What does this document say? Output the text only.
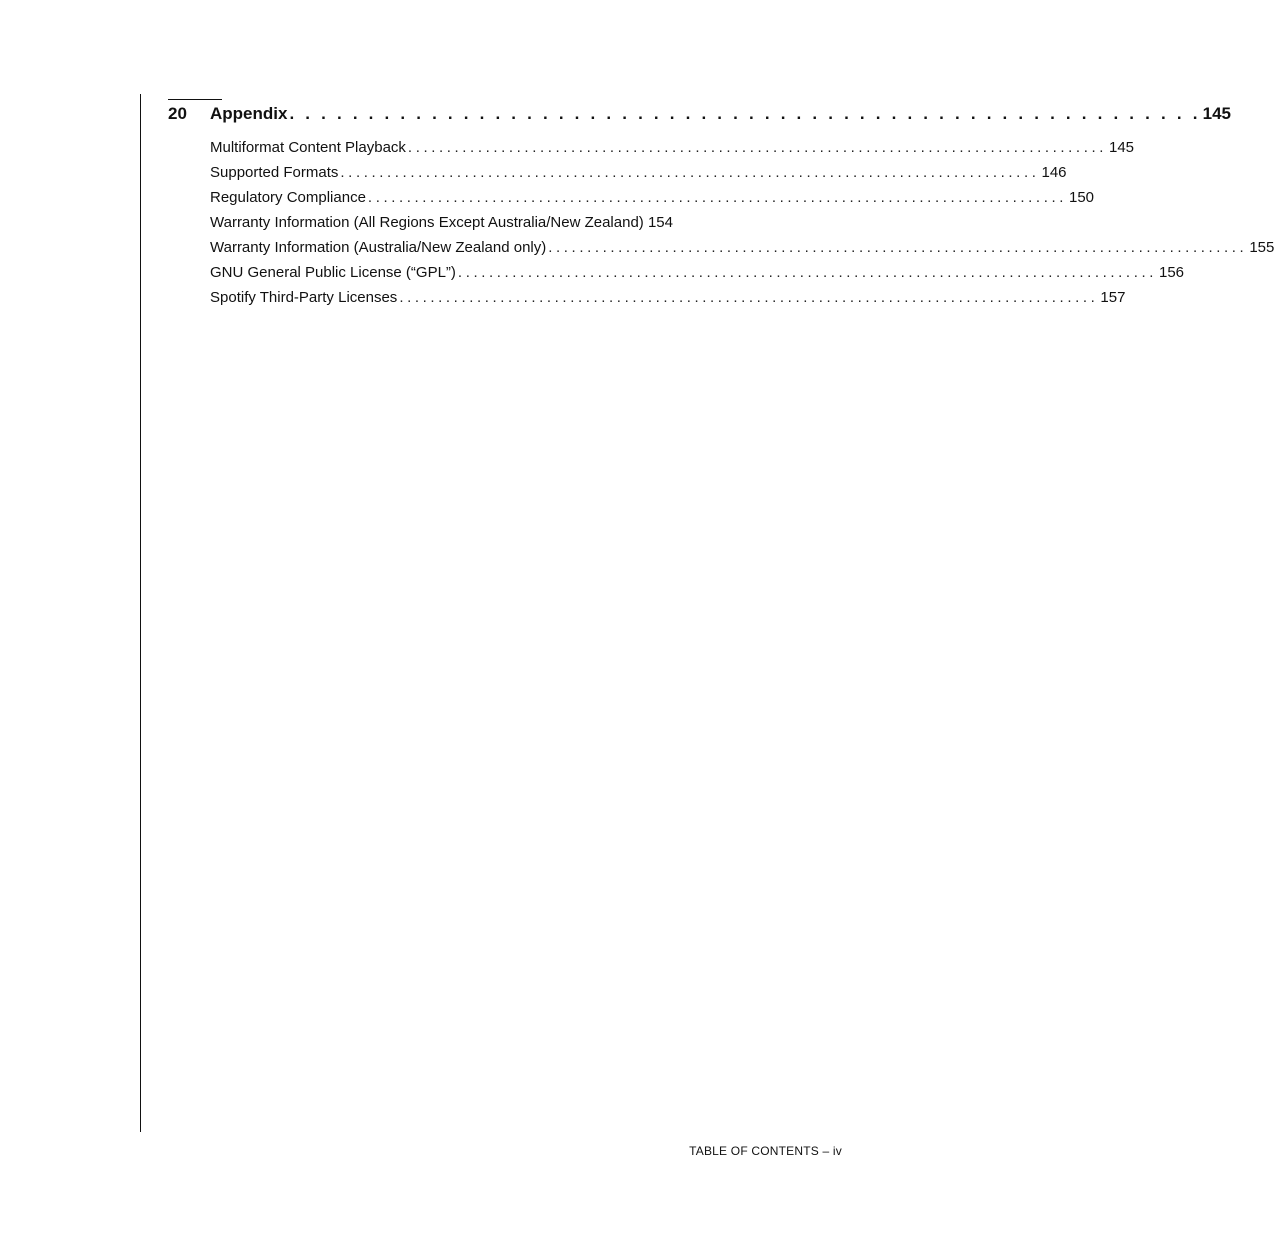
20	Appendix . . . . . . . . . . . . . . . . . . . . . . . . . . . . . . . . . . . . . . . . . . . . . . . . . . . . . . . . . . 145
Multiformat Content Playback .......................................................................................... 145
Supported Formats .......................................................................................... 146
Regulatory Compliance .......................................................................................... 150
Warranty Information (All Regions Except Australia/New Zealand) 154
Warranty Information (Australia/New Zealand only) .......................................................................................... 155
GNU General Public License (“GPL”) .......................................................................................... 156
Spotify Third-Party Licenses .......................................................................................... 157
TABLE OF CONTENTS – iv
